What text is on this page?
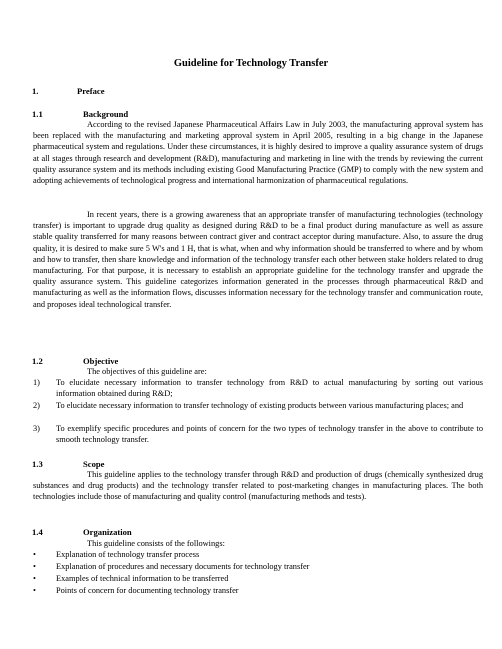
Guideline for Technology Transfer
1.	Preface
1.1	Background

According to the revised Japanese Pharmaceutical Affairs Law in July 2003, the manufacturing approval system has been replaced with the manufacturing and marketing approval system in April 2005, resulting in a big change in the Japanese pharmaceutical system and regulations. Under these circumstances, it is highly desired to improve a quality assurance system of drugs at all stages through research and development (R&D), manufacturing and marketing in line with the trends by reviewing the current quality assurance system and its methods including existing Good Manufacturing Practice (GMP) to comply with the new system and adopting achievements of technological progress and international harmonization of pharmaceutical regulations.

In recent years, there is a growing awareness that an appropriate transfer of manufacturing technologies (technology transfer) is important to upgrade drug quality as designed during R&D to be a final product during manufacture as well as assure stable quality transferred for many reasons between contract giver and contract acceptor during manufacture. Also, to assure the drug quality, it is desired to make sure 5 W's and 1 H, that is what, when and why information should be transferred to where and by whom and how to transfer, then share knowledge and information of the technology transfer each other between stake holders related to drug manufacturing. For that purpose, it is necessary to establish an appropriate guideline for the technology transfer and upgrade the quality assurance system. This guideline categorizes information generated in the processes through pharmaceutical R&D and manufacturing as well as the information flows, discusses information necessary for the technology transfer and communication route, and proposes ideal technological transfer.

1.2	Objective

The objectives of this guideline are:

1) To elucidate necessary information to transfer technology from R&D to actual manufacturing by sorting out various information obtained during R&D;
2) To elucidate necessary information to transfer technology of existing products between various manufacturing places; and
3) To exemplify specific procedures and points of concern for the two types of technology transfer in the above to contribute to smooth technology transfer.
1.3	Scope

This guideline applies to the technology transfer through R&D and production of drugs (chemically synthesized drug substances and drug products) and the technology transfer related to post-marketing changes in manufacturing places. The both technologies include those of manufacturing and quality control (manufacturing methods and tests).

1.4	Organization

This guideline consists of the followings:

• Explanation of technology transfer process
• Explanation of procedures and necessary documents for technology transfer
• Examples of technical information to be transferred
• Points of concern for documenting technology transfer
